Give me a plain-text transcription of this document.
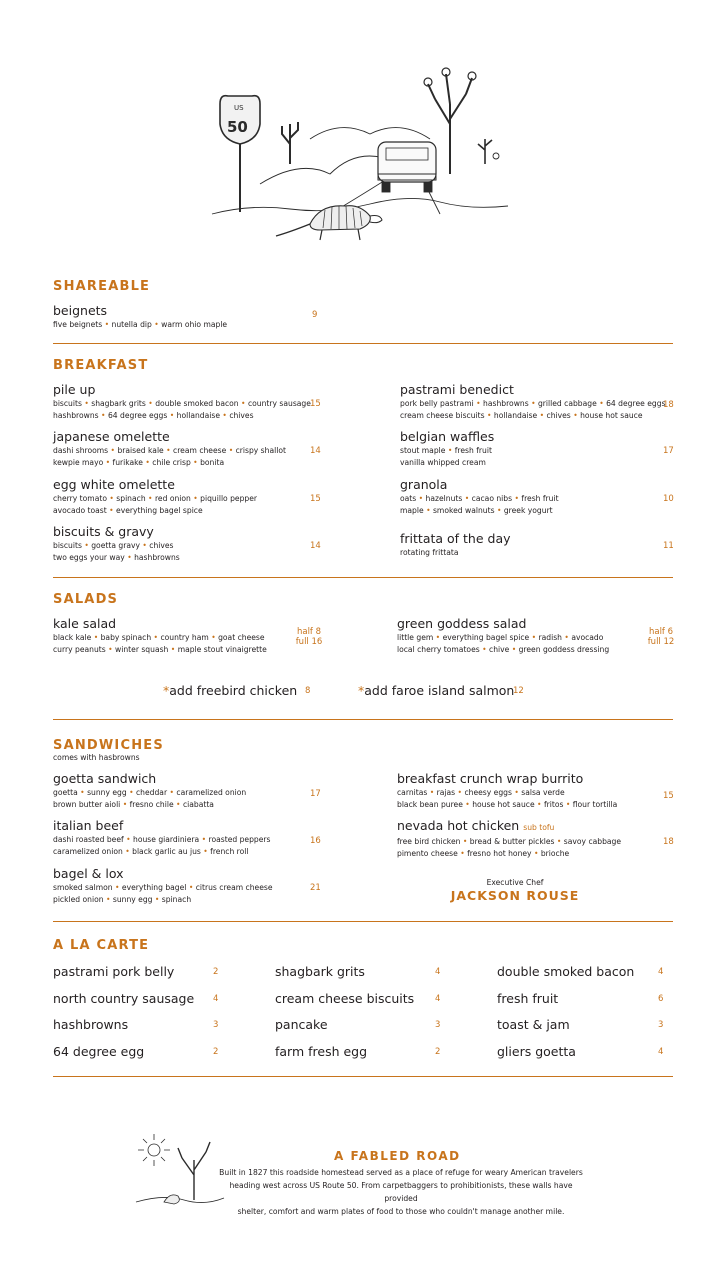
US
50
SHAREABLE
beignets
five beignets • nutella dip • warm ohio maple
9
BREAKFAST
pile up
biscuits • shagbark grits • double smoked bacon • country sausage
hashbrowns • 64 degree eggs • hollandaise • chives
15
japanese omelette
dashi shrooms • braised kale • cream cheese • crispy shallot
kewpie mayo • furikake • chile crisp • bonita
14
egg white omelette
cherry tomato • spinach • red onion • piquillo pepper
avocado toast • everything bagel spice
15
biscuits & gravy
biscuits • goetta gravy • chives
two eggs your way • hashbrowns
14
pastrami benedict
pork belly pastrami • hashbrowns • grilled cabbage • 64 degree eggs
cream cheese biscuits • hollandaise • chives • house hot sauce
18
belgian waffles
stout maple • fresh fruit
vanilla whipped cream
17
granola
oats • hazelnuts • cacao nibs • fresh fruit
maple • smoked walnuts • greek yogurt
10
frittata of the day
rotating frittata
11
SALADS
kale salad
black kale • baby spinach • country ham • goat cheese
curry peanuts • winter squash • maple stout vinaigrette
half 8
full 16
green goddess salad
little gem • everything bagel spice • radish • avocado
local cherry tomatoes • chive • green goddess dressing
half 6
full 12
*add freebird chicken 8	*add faroe island salmon
12
SANDWICHES
comes with hasbrowns
goetta sandwich
goetta • sunny egg • cheddar • caramelized onion
brown butter aioli • fresno chile • ciabatta
17
italian beef
dashi roasted beef • house giardiniera • roasted peppers
caramelized onion • black garlic au jus • french roll
16
bagel & lox
smoked salmon • everything bagel • citrus cream cheese
pickled onion • sunny egg • spinach
21
breakfast crunch wrap burrito
carnitas • rajas • cheesy eggs • salsa verde
black bean puree • house hot sauce • fritos • flour tortilla
15
nevada hot chicken sub tofu
free bird chicken • bread & butter pickles • savoy cabbage
pimento cheese • fresno hot honey • brioche
18
Executive Chef
JACKSON ROUSE
A LA CARTE
pastrami pork belly	2
north country sausage 4
hashbrowns	3
64 degree egg	2
shagbark grits	4
cream cheese biscuits 4
pancake	3
farm fresh egg	2
double smoked bacon	4
fresh fruit	6
toast & jam	3
gliers goetta	4
A FABLED ROAD
Built in 1827 this roadside homestead served as a place of refuge for weary American travelers
heading west across US Route 50. From carpetbaggers to prohibitionists, these walls have provided
shelter, comfort and warm plates of food to those who couldn't manage another mile.
